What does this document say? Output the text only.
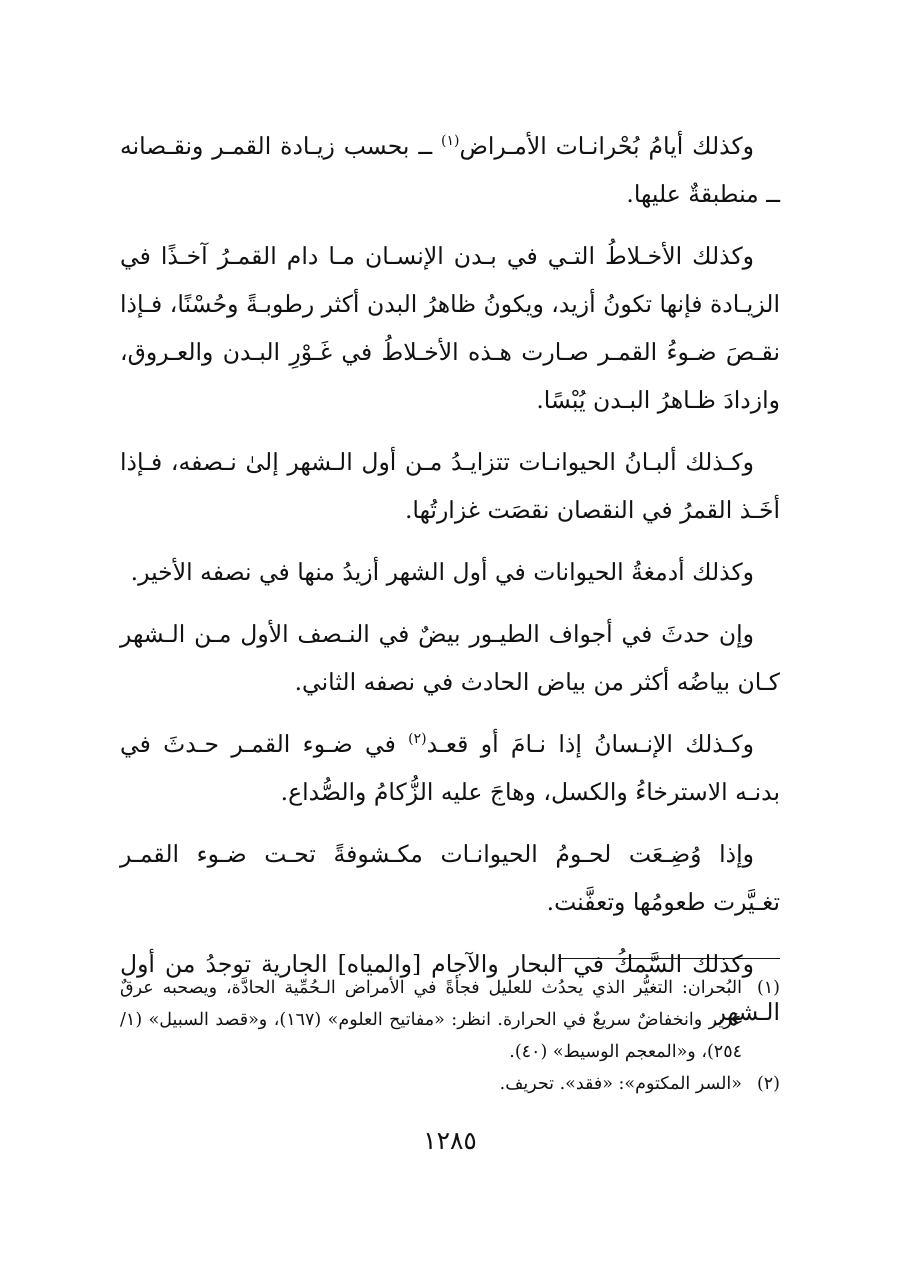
وكذلك أيامُ بُحْرانـات الأمـراض$^{(١)}$ ــ بحسب زيـادة القمـر ونقـصانه ــ منطبقةٌ عليها.

وكذلك الأخـلاطُ التـي في بـدن الإنسـان مـا دام القمـرُ آخـذًا في الزيـادة فإنها تكونُ أزيد، ويكونُ ظاهرُ البدن أكثر رطوبـةً وحُسْنًا، فـإذا نقـصَ ضـوءُ القمـر صـارت هـذه الأخـلاطُ في غَـوْرِ البـدن والعـروق، وازدادَ ظـاهرُ البـدن يُبْسًا.

وكـذلك ألبـانُ الحيوانـات تتزايـدُ مـن أول الـشهر إلىٰ نـصفه، فـإذا أخَـذ القمرُ في النقصان نقصَت غزارتُها.

وكذلك أدمغةُ الحيوانات في أول الشهر أزيدُ منها في نصفه الأخير.

وإن حدثَ في أجواف الطيـور بيضٌ في النـصف الأول مـن الـشهر كـان بياضُه أكثر من بياض الحادث في نصفه الثاني.

وكـذلك الإنـسانُ إذا نـامَ أو قعـد$^{(٢)}$ في ضـوء القمـر حـدثَ في بدنـه الاسترخاءُ والكسل، وهاجَ عليه الزُّكامُ والصُّداع.

وإذا وُضِـعَت لحـومُ الحيوانـات مكـشوفةً تحـت ضـوء القمـر تغـيَّرت طعومُها وتعفَّنت.

وكذلك السَّمكُ في البحار والآجام [والمياه] الجارية توجدُ من أول الـشهر

(١)
البُحران: التغيُّر الذي يحدُث للعليل فجأةً في الأمراض الـحُمِّية الحادَّة، ويصحبه عرقٌ غزير وانخفاضٌ سريعٌ في الحرارة. انظر: «مفاتيح العلوم» (١٦٧)، و«قصد السبيل» (١/ ٢٥٤)، و«المعجم الوسيط» (٤٠).
(٢)
«السر المكتوم»: «فقد». تحريف.
١٢٨٥
